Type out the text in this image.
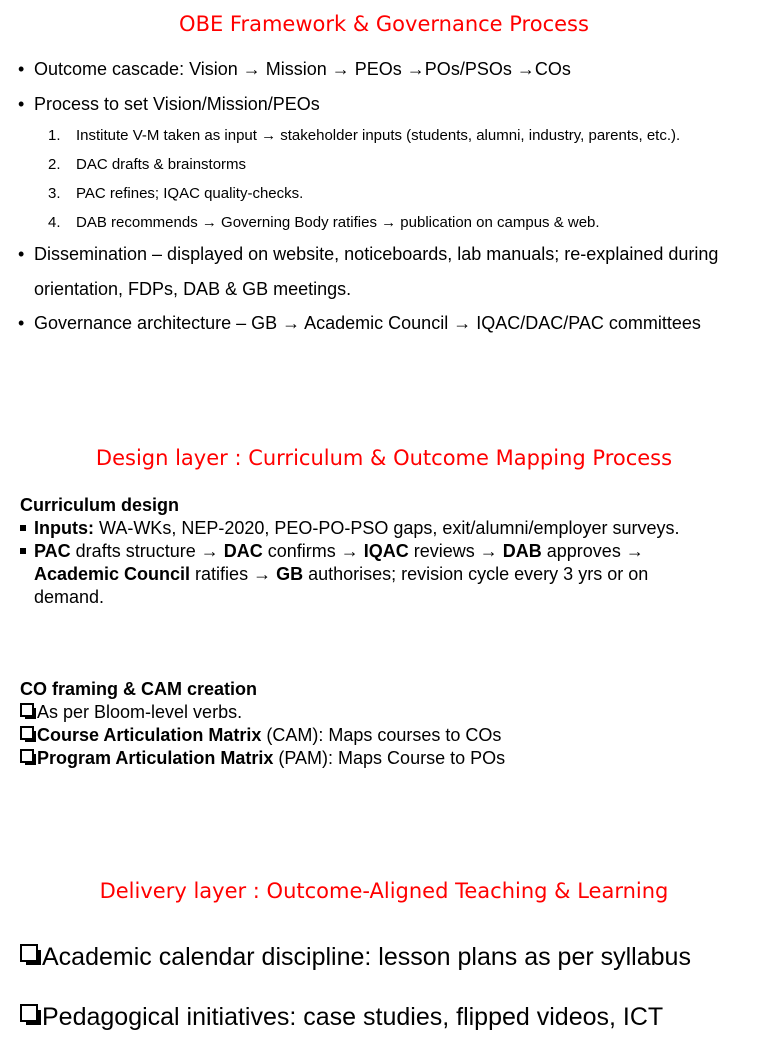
OBE Framework & Governance Process
• Outcome cascade: Vision → Mission → PEOs →POs/PSOs →COs
• Process to set Vision/Mission/PEOs
1. Institute V-M taken as input → stakeholder inputs (students, alumni, industry, parents, etc.).
2. DAC drafts & brainstorms
3. PAC refines; IQAC quality-checks.
4. DAB recommends → Governing Body ratifies → publication on campus & web.
• Dissemination – displayed on website, noticeboards, lab manuals; re-explained during orientation, FDPs, DAB & GB meetings.
• Governance architecture – GB → Academic Council → IQAC/DAC/PAC committees
Design layer : Curriculum & Outcome Mapping Process
Curriculum design
Inputs: WA-WKs, NEP-2020, PEO-PO-PSO gaps, exit/alumni/employer surveys.
PAC drafts structure → DAC confirms → IQAC reviews → DAB approves → Academic Council ratifies → GB authorises; revision cycle every 3 yrs or on demand.
CO framing & CAM creation
As per Bloom-level verbs.
Course Articulation Matrix (CAM): Maps courses to COs
Program Articulation Matrix (PAM): Maps Course to POs
Delivery layer : Outcome-Aligned Teaching & Learning
Academic calendar discipline: lesson plans as per syllabus
Pedagogical initiatives: case studies, flipped videos, ICT
